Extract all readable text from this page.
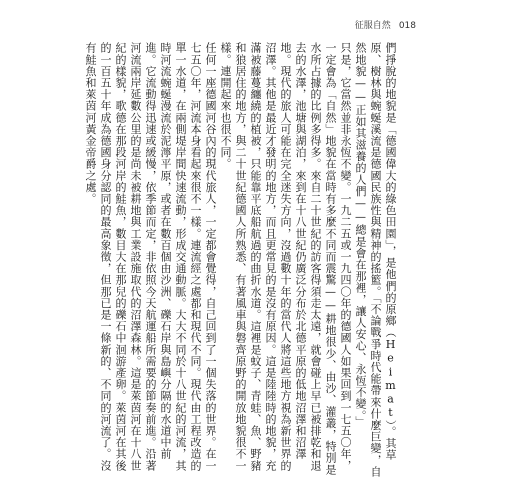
征服自然 018

們掙脫的地貌是「德國偉大的綠色田園」，是他們的原鄉（Heimat）。其草原、樹林與蜿蜒溪流是德國民族性與精神的搖籃。「不論戰爭時代能帶來什麼巨變，自然地貌——正如其滋養的人們——總是會在那裡，讓人安心、永恆不變。」

只是，它當然並非永恆不變。一九二五或一九四〇年的德國人如果回到一七五〇年，一定會為「自然」地貌在當時有多麼不同而震驚——耕地很少、由沙、灌叢，特別是水所占據的比例多得多。來自二十世紀的訪客得須走太遠，就會碰上早已被排乾和退去的水澤，池塘與湖泊，來到在十八世紀仍廣泛分布於北德平原的低地沼澤和沼澤地。現代的旅人可能在完全迷失方向，沒過數十年的當代人將這些地方視為新世界的沼澤。其他是最近才發明的地方，而且更常見的是沒有原因。這是陸陸時的地貌，充滿被藤蔓纏繞的植被，只能靠平底船航過的曲折水道。這裡是蚊子、青蛙、魚、野豬和狼居住的地方，與二十世紀德國人所熟悉、有著風車與磐齊原野的開放地貌很不一樣。連開起來也很不同。

任何一座德國河谷內的現代旅人，一定都會覺得，自己回到了一個失落的世界。在一七五〇年，河流本身看起來很不一樣。連流經之處都和現代不同。現代由工程改造的單一水道，在兩側堤岸間快速流動，形成交通動脈。大大不同於十八世紀的河流，其時河流蜿蜒漫流於泥濘平原，或者在數百個由沙洲、礫石岸與島嶼分隔的水道中前進。它流動得迅速或緩慢，依季節而定，非依照今天航運船所需要的節奏前進。沿著河流兩岸延數公里的是尚未被耕地與工業設施取代的沼澤森林。這是萊茵河在十八世紀的樣貌，歌德在那段河岸的鮭魚，數目大在那兒的礫石中洄游產卵。萊茵河在其後的一百五十年成為德國身分認同的最高象徵，但那已是一條新的、不同的河流了。沒有鮭魚和萊茵河黃金帝爵之處。
